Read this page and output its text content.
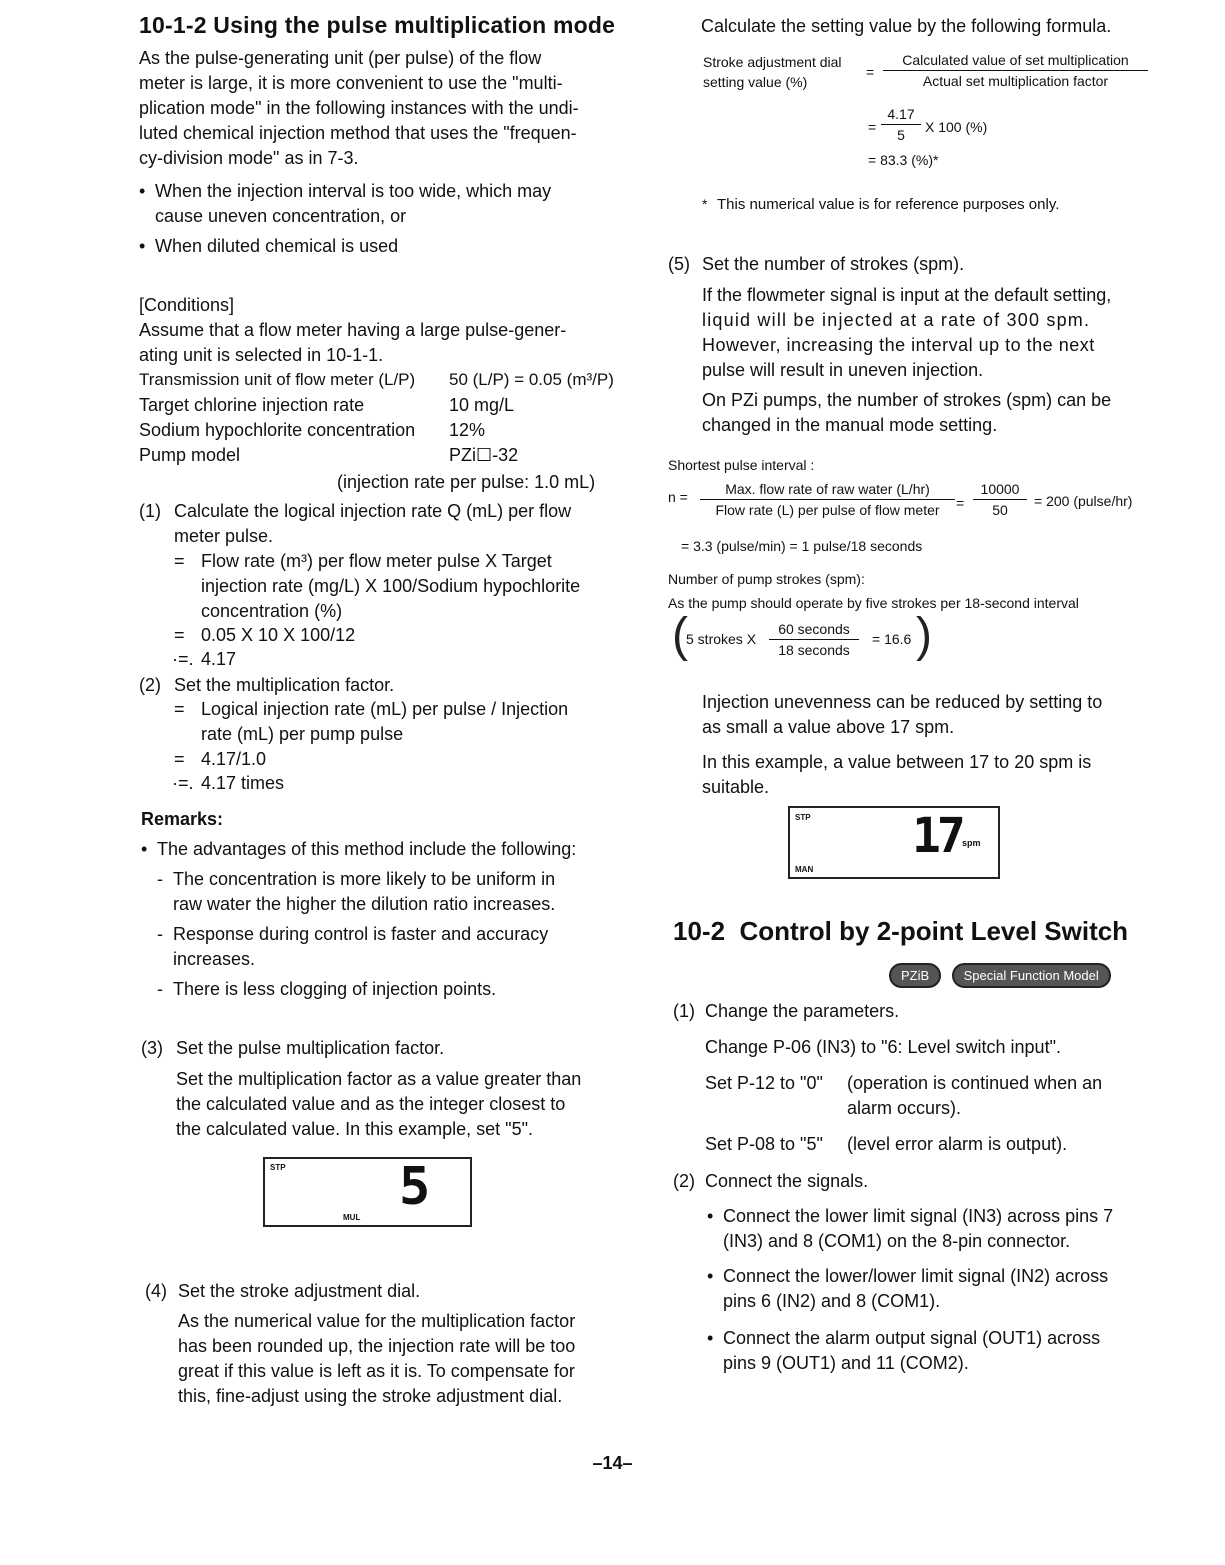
10-1-2 Using the pulse multiplication mode
As the pulse-generating unit (per pulse) of the flow
meter is large, it is more convenient to use the "multi-
plication mode" in the following instances with the undi-
luted chemical injection method that uses the "frequen-
cy-division mode" as in 7-3.
• When the injection interval is too wide, which may
cause uneven concentration, or
• When diluted chemical is used
[Conditions]
Assume that a flow meter having a large pulse-gener-
ating unit is selected in 10-1-1.
Transmission unit of flow meter (L/P) 50 (L/P) = 0.05 (m³/P)
Target chlorine injection rate	10 mg/L
Sodium hypochlorite concentration 12%
Pump model	PZi☐-32
(injection rate per pulse: 1.0 mL)
(1) Calculate the logical injection rate Q (mL) per flow
meter pulse.
= Flow rate (m³) per flow meter pulse X Target
injection rate (mg/L) X 100/Sodium hypochlorite
concentration (%)
= 0.05 X 10 X 100/12
·=. 4.17
(2) Set the multiplication factor.
= Logical injection rate (mL) per pulse / Injection
rate (mL) per pump pulse
= 4.17/1.0
·=. 4.17 times
Remarks:
• The advantages of this method include the following:
- The concentration is more likely to be uniform in
raw water the higher the dilution ratio increases.
- Response during control is faster and accuracy
increases.
- There is less clogging of injection points.
(3) Set the pulse multiplication factor.
Set the multiplication factor as a value greater than
the calculated value and as the integer closest to
the calculated value. In this example, set "5".
STP 5
MUL
(4) Set the stroke adjustment dial.
As the numerical value for the multiplication factor
has been rounded up, the injection rate will be too
great if this value is left as it is. To compensate for
this, fine-adjust using the stroke adjustment dial.
Calculate the setting value by the following formula.
Stroke adjustment dial
setting value (%)
=
Calculated value of set multiplication
Actual set multiplication factor
= $\frac{4.17}{5}$ X 100 (%)
= 83.3 (%)*
* This numerical value is for reference purposes only.
(5) Set the number of strokes (spm).
If the flowmeter signal is input at the default setting,
liquid will be injected at a rate of 300 spm.
However, increasing the interval up to the next
pulse will result in uneven injection.
On PZi pumps, the number of strokes (spm) can be
changed in the manual mode setting.
Shortest pulse interval :
n =	Max. flow rate of raw water (L/hr)
Flow rate (L) per pulse of flow meter	= $\frac{10000}{50} = 200$ (pulse/hr)
= 3.3 (pulse/min) = 1 pulse/18 seconds
Number of pump strokes (spm):
As the pump should operate by five strokes per 18-second interval
(
5 strokes X
60 seconds
18 seconds
= 16.6 )
Injection unevenness can be reduced by setting to
as small a value above 17 spm.
In this example, a value between 17 to 20 spm is
suitable.
STP 17 spm
MAN
10-2  Control by 2-point Level Switch
PZiB	Special Function Model
(1) Change the parameters.
Change P-06 (IN3) to "6: Level switch input".
Set P-12 to "0" (operation is continued when an
alarm occurs).
Set P-08 to "5" (level error alarm is output).
(2) Connect the signals.
• Connect the lower limit signal (IN3) across pins 7
(IN3) and 8 (COM1) on the 8-pin connector.
• Connect the lower/lower limit signal (IN2) across
pins 6 (IN2) and 8 (COM1).
• Connect the alarm output signal (OUT1) across
pins 9 (OUT1) and 11 (COM2).
–14–
